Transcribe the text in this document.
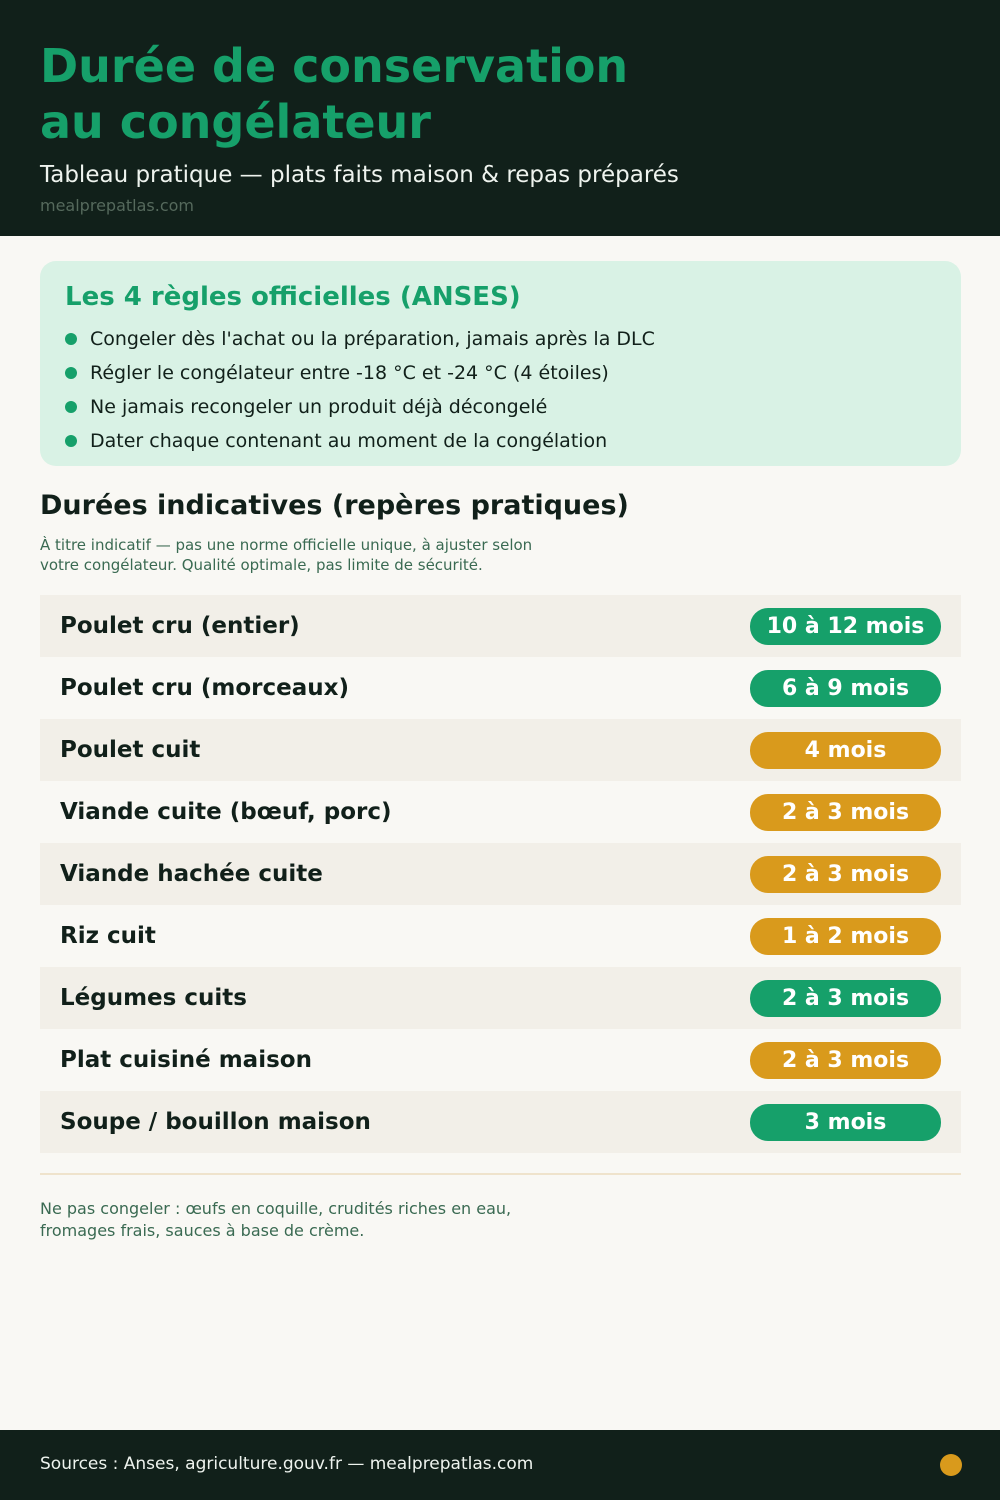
Durée de conservation
au congélateur
Tableau pratique — plats faits maison & repas préparés
mealprepatlas.com
Les 4 règles officielles (ANSES)
Congeler dès l'achat ou la préparation, jamais après la DLC
Régler le congélateur entre -18 °C et -24 °C (4 étoiles)
Ne jamais recongeler un produit déjà décongelé
Dater chaque contenant au moment de la congélation
Durées indicatives (repères pratiques)
À titre indicatif — pas une norme officielle unique, à ajuster selon
votre congélateur. Qualité optimale, pas limite de sécurité.
Poulet cru (entier)	10 à 12 mois
Poulet cru (morceaux)	6 à 9 mois
Poulet cuit	4 mois
Viande cuite (bœuf, porc)	2 à 3 mois
Viande hachée cuite	2 à 3 mois
Riz cuit	1 à 2 mois
Légumes cuits	2 à 3 mois
Plat cuisiné maison	2 à 3 mois
Soupe / bouillon maison	3 mois
Ne pas congeler : œufs en coquille, crudités riches en eau,
fromages frais, sauces à base de crème.
Sources : Anses, agriculture.gouv.fr — mealprepatlas.com
